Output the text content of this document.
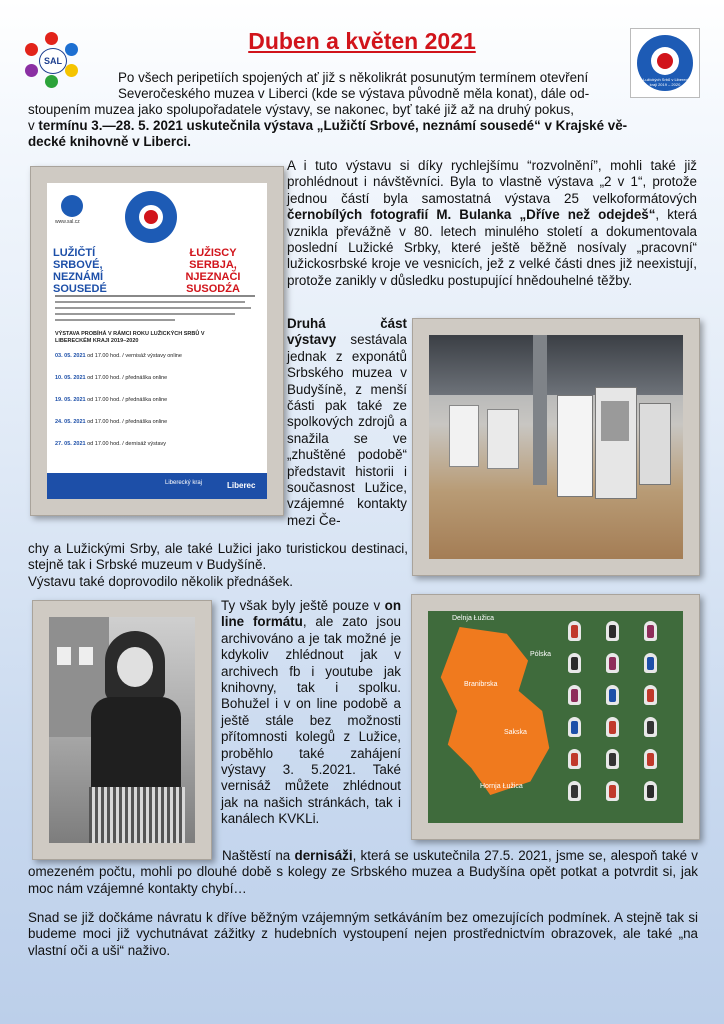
SAL
Duben a květen 2021
Rok Lužických Srbů v Libereckém kraji 2019 – 2020
Po všech peripetiích spojených ať již s několikrát posunutým termínem otevření
Severočeského muzea v Liberci (kde se výstava původně měla konat), dále od-
stoupením muzea jako spolupořadatele výstavy, se nakonec, byť také již až na druhý pokus,
v termínu 3.—28. 5. 2021 uskutečnila výstava „Lužičtí Srbové, neznámí sousedé“ v Krajské vě-
decké knihovně v Liberci.
www.sal.cz
LUŽIČTÍ SRBOVÉ, NEZNÁMÍ SOUSEDÉ
ŁUŽISCY SERBJA, NJEZNAČI SUSODŹA
VÝSTAVA PROBÍHÁ V RÁMCI ROKU LUŽICKÝCH SRBŮ V LIBERECKÉM KRAJI 2019–2020
03. 05. 2021 od 17.00 hod. / vernisáž výstavy online
10. 05. 2021 od 17.00 hod. / přednáška online
19. 05. 2021 od 17.00 hod. / přednáška online
24. 05. 2021 od 17.00 hod. / přednáška online
27. 05. 2021 od 17.00 hod. / dernisáž výstavy
Liberecký kraj	Liberec
A i tuto výstavu si díky rychlejšímu “rozvolnění”, mohli také již prohlédnout i návštěvníci. Byla to vlastně výstava „2 v 1“, protože jednou částí byla samostatná výstava 25 velkoformátových černobílých fotografií M. Bulanka „Dříve než odejdeš“, která vznikla převážně v 80. letech minulého století a dokumentovala poslední Lužické Srbky, které ještě běžně nosívaly „pracovní“ lužickosrbské kroje ve vesnicích, jež z velké části dnes již neexistují, protože zanikly v důsledku postupující hnědouhelné těžby.
Druhá část výstavy sestávala jednak z exponátů Srbského muzea v Budyšíně, z menší části pak také ze spolkových zdrojů a snažila se ve „zhuštěné podobě“ představit historii i současnost Lužice, vzájemné kontakty mezi Če-
chy a Lužickými Srby, ale také Lužici jako turistickou destinaci, stejně tak i Srbské muzeum v Budyšíně.
Výstavu také doprovodilo několik přednášek.
Ty však byly ještě pouze v on line formátu, ale zato jsou archivováno a je tak možné je kdykoliv zhlédnout jak v archivech fb i youtube jak knihovny, tak i spolku. Bohužel i v on line podobě a ještě stále bez možnosti přítomnosti kolegů z Lužice, proběhlo také zahájení výstavy 3. 5.2021. Také vernisáž můžete zhlédnout jak na našich stránkách, tak i kanálech KVKLi.
Delnja Łužica
Branibrska
Sakska
Hornja Łužica
Pólska
Naštěstí na dernisáži, která se uskutečnila 27.5. 2021, jsme se, alespoň také v omezeném počtu, mohli po dlouhé době s kolegy ze Srbského muzea a Budyšína opět potkat a potvrdit si, jak moc nám vzájemné kontakty chybí…
Snad se již dočkáme návratu k dříve běžným vzájemným setkáváním bez omezujících podmínek. A stejně tak si budeme moci již vychutnávat zážitky z hudebních vystoupení nejen prostřednictvím obrazovek, ale také „na vlastní oči a uši“ naživo.
